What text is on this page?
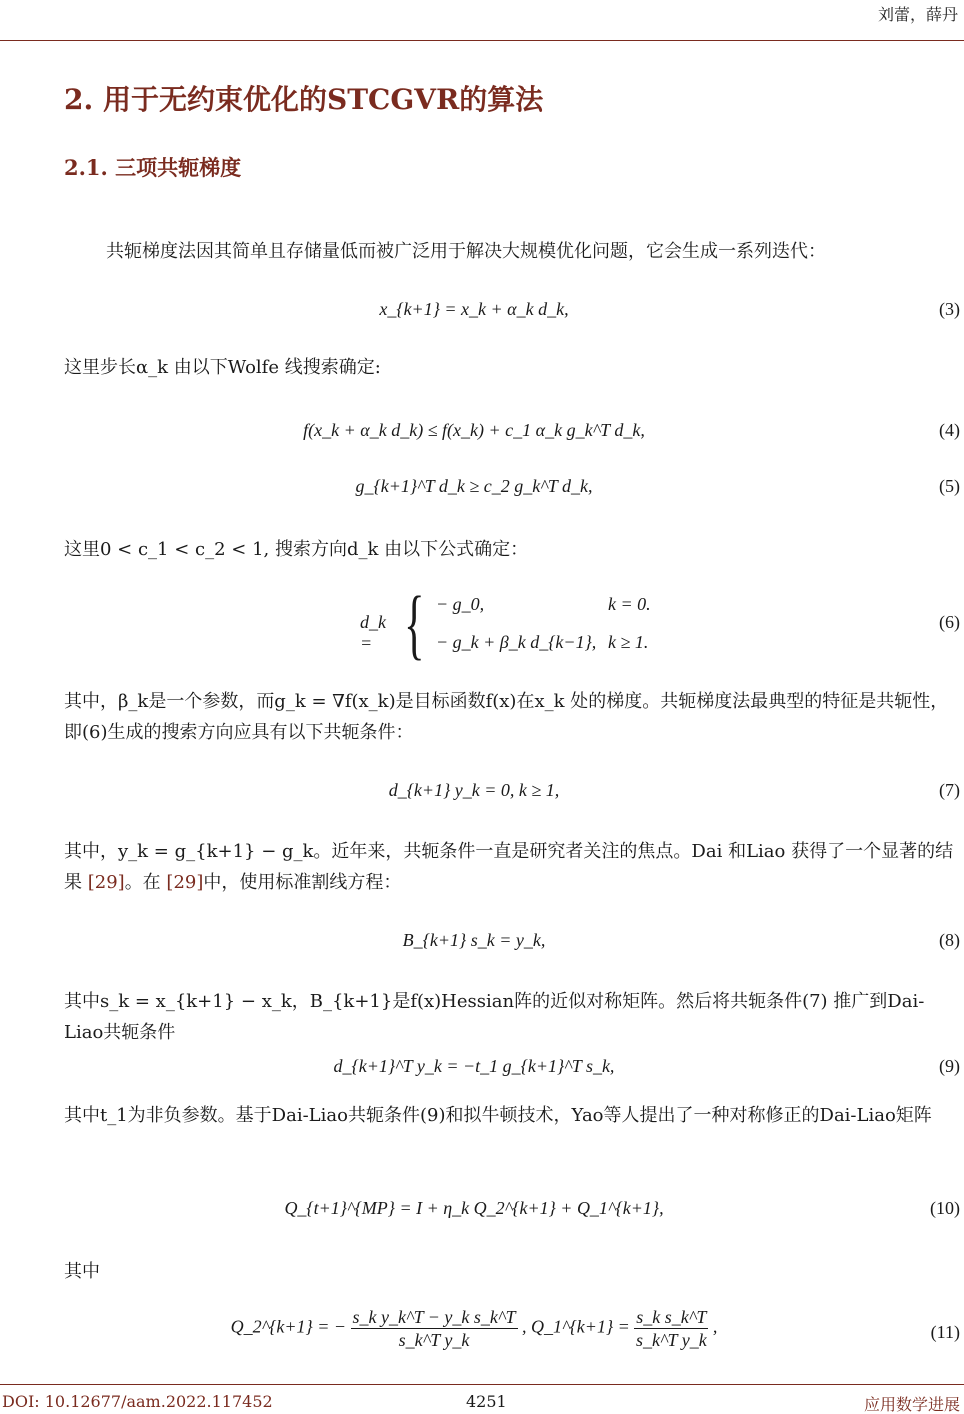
刘蕾，薛丹
2. 用于无约束优化的STCGVR的算法
2.1. 三项共轭梯度
共轭梯度法因其简单且存储量低而被广泛用于解决大规模优化问题，它会生成一系列迭代：
x_{k+1} = x_k + α_k d_k,	(3)
这里步长α_k 由以下Wolfe 线搜索确定:
f(x_k + α_k d_k) ≤ f(x_k) + c_1 α_k g_k^T d_k,	(4)
g_{k+1}^T d_k ≥ c_2 g_k^T d_k,	(5)
这里0 < c_1 < c_2 < 1, 搜索方向d_k 由以下公式确定：
d_k = { − g_0,	k = 0.
− g_k + β_k d_{k−1}, k ≥ 1.
(6)
其中，β_k是一个参数，而g_k = ∇f(x_k)是目标函数f(x)在x_k 处的梯度。共轭梯度法最典型的特征是共轭性，即(6)生成的搜索方向应具有以下共轭条件：
d_{k+1} y_k = 0, k ≥ 1,	(7)
其中，y_k = g_{k+1} − g_k。近年来，共轭条件一直是研究者关注的焦点。Dai 和Liao 获得了一个显著的结果 [29]。在 [29]中，使用标准割线方程：
B_{k+1} s_k = y_k,	(8)
其中s_k = x_{k+1} − x_k，B_{k+1}是f(x)Hessian阵的近似对称矩阵。然后将共轭条件(7) 推广到Dai-Liao共轭条件
d_{k+1}^T y_k = −t_1 g_{k+1}^T s_k,	(9)
其中t_1为非负参数。基于Dai-Liao共轭条件(9)和拟牛顿技术，Yao等人提出了一种对称修正的Dai-Liao矩阵
Q_{t+1}^{MP} = I + η_k Q_2^{k+1} + Q_1^{k+1},	(10)
其中
Q_2^{k+1} = − $\frac{\text{s\_k y\_k\textasciicircum{}T − y\_k s\_k\textasciicircum{}T}}{\text{s\_k\textasciicircum{}T y\_k}}$ , Q_1^{k+1} = $\frac{\text{s\_k s\_k\textasciicircum{}T}}{\text{s\_k\textasciicircum{}T y\_k}}$ ,	(11)
DOI: 10.12677/aam.2022.117452	4251	应用数学进展
